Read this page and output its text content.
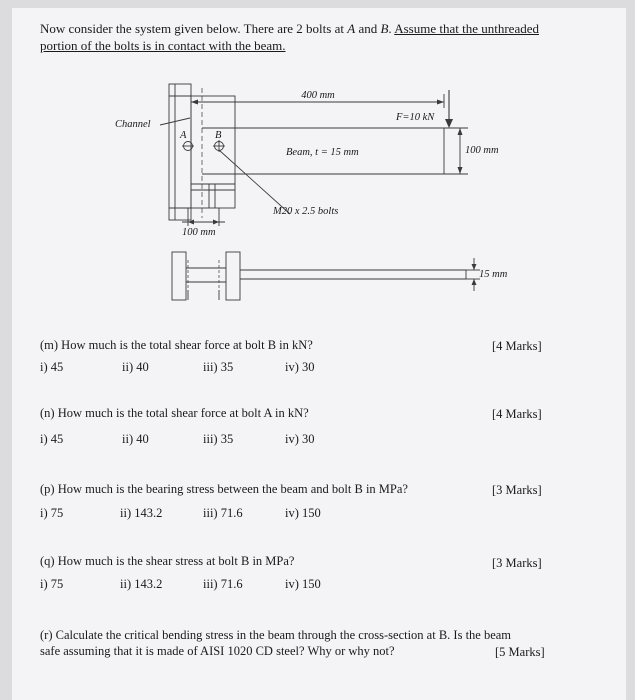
Now consider the system given below. There are 2 bolts at A and B. Assume that the unthreaded
portion of the bolts is in contact with the beam.
400 mm
Channel
F=10 kN
A	B
Beam, t = 15 mm	100 mm
M20 x 2.5 bolts
100 mm
15 mm
(m) How much is the total shear force at bolt B in kN?	[4 Marks]
i) 45	ii) 40	iii) 35	iv) 30
(n) How much is the total shear force at bolt A in kN?	[4 Marks]
i) 45	ii) 40	iii) 35	iv) 30
(p) How much is the bearing stress between the beam and bolt B in MPa?	[3 Marks]
i) 75	ii) 143.2	iii) 71.6	iv) 150
(q) How much is the shear stress at bolt B in MPa?	[3 Marks]
i) 75	ii) 143.2	iii) 71.6	iv) 150
(r) Calculate the critical bending stress in the beam through the cross-section at B. Is the beam
safe assuming that it is made of AISI 1020 CD steel? Why or why not?	[5 Marks]
